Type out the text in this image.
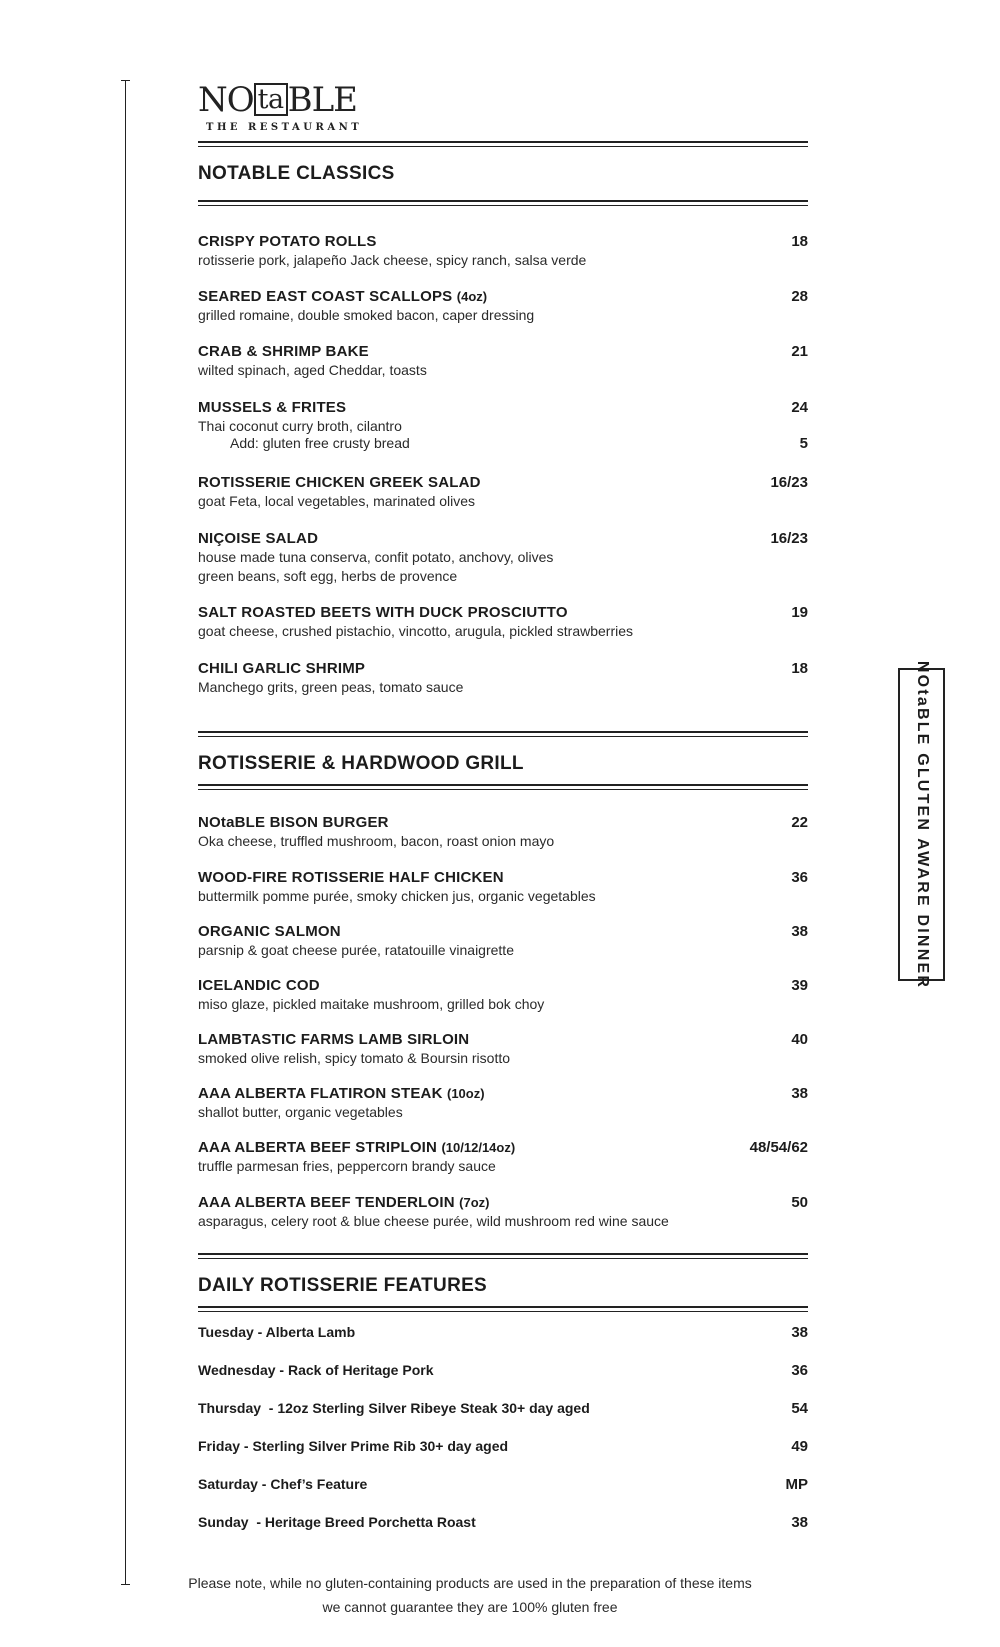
NO ta BLE
THE RESTAURANT
NOTABLE CLASSICS
CRISPY POTATO ROLLS
rotisserie pork, jalapeño Jack cheese, spicy ranch, salsa verde
18
SEARED EAST COAST SCALLOPS (4oz)
grilled romaine, double smoked bacon, caper dressing
28
CRAB & SHRIMP BAKE
wilted spinach, aged Cheddar, toasts
21
MUSSELS & FRITES
Thai coconut curry broth, cilantro
24
Add: gluten free crusty bread	5
ROTISSERIE CHICKEN GREEK SALAD
goat Feta, local vegetables, marinated olives
16/23
NIÇOISE SALAD
house made tuna conserva, confit potato, anchovy, olives
green beans, soft egg, herbs de provence
16/23
SALT ROASTED BEETS WITH DUCK PROSCIUTTO
goat cheese, crushed pistachio, vincotto, arugula, pickled strawberries
19
CHILI GARLIC SHRIMP
Manchego grits, green peas, tomato sauce
18
ROTISSERIE & HARDWOOD GRILL
NOtaBLE BISON BURGER
Oka cheese, truffled mushroom, bacon, roast onion mayo
22
WOOD-FIRE ROTISSERIE HALF CHICKEN
buttermilk pomme purée, smoky chicken jus, organic vegetables
36
ORGANIC SALMON
parsnip & goat cheese purée, ratatouille vinaigrette
38
ICELANDIC COD
miso glaze, pickled maitake mushroom, grilled bok choy
39
LAMBTASTIC FARMS LAMB SIRLOIN
smoked olive relish, spicy tomato & Boursin risotto
40
AAA ALBERTA FLATIRON STEAK (10oz)
shallot butter, organic vegetables
38
AAA ALBERTA BEEF STRIPLOIN (10/12/14oz)
truffle parmesan fries, peppercorn brandy sauce
48/54/62
AAA ALBERTA BEEF TENDERLOIN (7oz)
asparagus, celery root & blue cheese purée, wild mushroom red wine sauce
50
DAILY ROTISSERIE FEATURES
Tuesday - Alberta Lamb	38
Wednesday - Rack of Heritage Pork	36
Thursday  - 12oz Sterling Silver Ribeye Steak 30+ day aged	54
Friday - Sterling Silver Prime Rib 30+ day aged	49
Saturday - Chef’s Feature	MP
Sunday  - Heritage Breed Porchetta Roast	38
NOtaBLE GLUTEN AWARE DINNER
Please note, while no gluten-containing products are used in the preparation of these items
we cannot guarantee they are 100% gluten free
